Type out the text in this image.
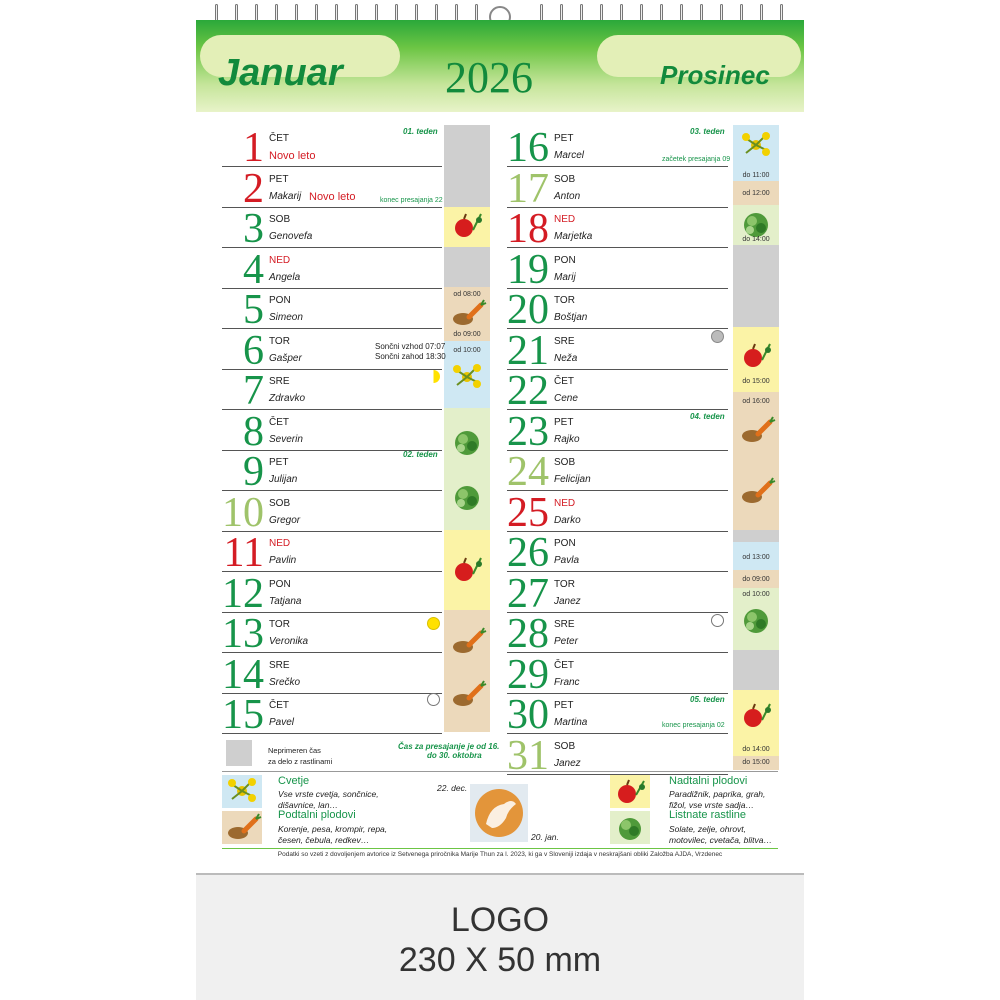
Januar 2026	Prosinec
od 08:00
do 09:00
od 10:00
do 11:00
od 12:00
do 14:00
do 15:00
od 16:00
od 13:00
do 09:00
od 10:00
do 14:00
do 15:00
1 ČET
Novo leto
2 PET
Makarij Novo leto
3 SOB
Genovefa
4 NED
Angela
5 PON
Simeon
6 TOR
Gašper
7 SRE
Zdravko
8 ČET
Severin
9 PET
Julijan
10 SOB
Gregor
11 NED
Pavlin
12 PON
Tatjana
13 TOR
Veronika
14 SRE
Srečko
15 ČET
Pavel
16 PET
Marcel
17 SOB
Anton
18 NED
Marjetka
19 PON
Marij
20 TOR
Boštjan
21 SRE
Neža
22 ČET
Cene
23 PET
Rajko
24 SOB
Felicijan
25 NED
Darko
26 PON
Pavla
27 TOR
Janez
28 SRE
Peter
29 ČET
Franc
30 PET
Martina
31 SOB
Janez
01. teden
02. teden
03. teden
04. teden
05. teden
konec presajanja 22
začetek presajanja 09
konec presajanja 02
Sončni vzhod 07:07
Sončni zahod 18:30
Neprimeren čas
za delo z rastlinami
Čas za presajanje je od 16.
do 30. oktobra
Cvetje
Vse vrste cvetja, sončnice,
dišavnice, lan…
Podtalni plodovi
Korenje, pesa, krompir, repa,
česen, čebula, redkev…
22. dec.
20. jan.
Nadtalni plodovi
Paradižnik, paprika, grah,
fižol, vse vrste sadja…
Listnate rastline
Solate, zelje, ohrovt,
motovilec, cvetača, blitva…
Podatki so vzeti z dovoljenjem avtorice iz Setvenega priročnika Marije Thun za l. 2023, ki ga v Sloveniji izdaja v neskrajšani obliki Založba AJDA, Vrzdenec
LOGO
230 X 50 mm
